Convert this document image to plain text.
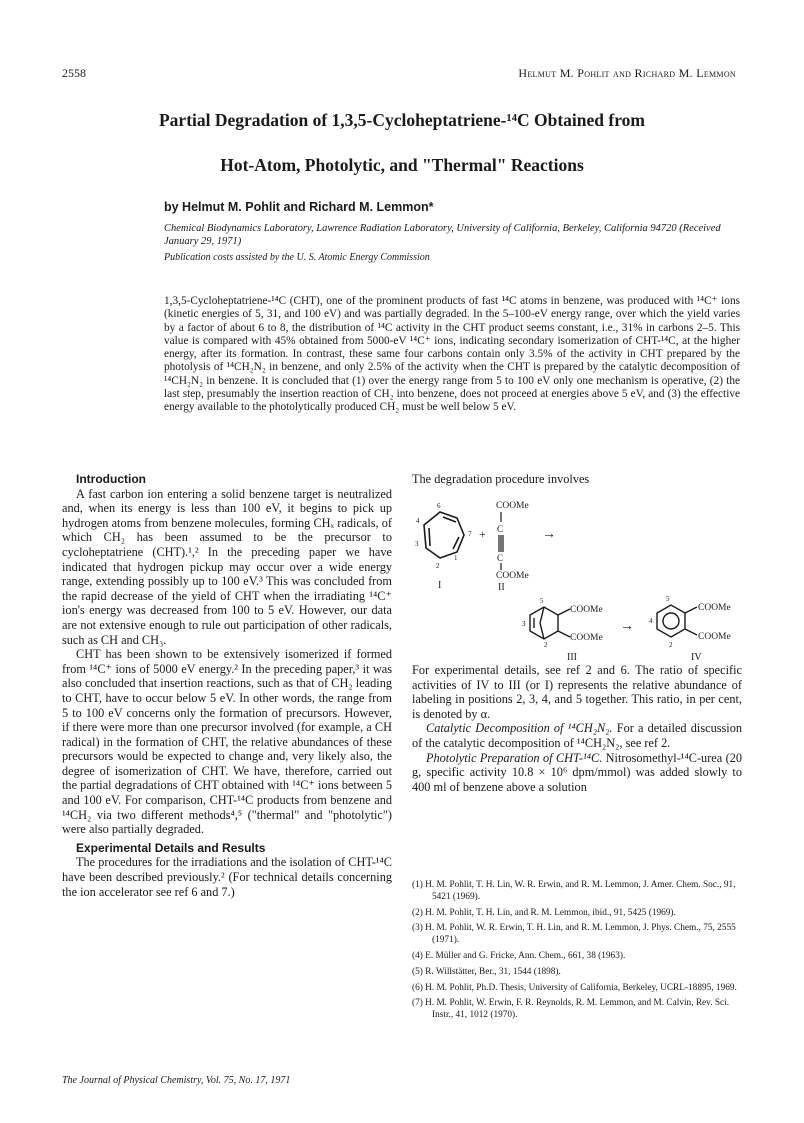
2558	Helmut M. Pohlit and Richard M. Lemmon
Partial Degradation of 1,3,5-Cycloheptatriene-¹⁴C Obtained from
Hot-Atom, Photolytic, and "Thermal" Reactions
by Helmut M. Pohlit and Richard M. Lemmon*
Chemical Biodynamics Laboratory, Lawrence Radiation Laboratory, University of California, Berkeley, California 94720 (Received January 29, 1971)
Publication costs assisted by the U. S. Atomic Energy Commission

1,3,5-Cycloheptatriene-¹⁴C (CHT), one of the prominent products of fast ¹⁴C atoms in benzene, was produced with ¹⁴C⁺ ions (kinetic energies of 5, 31, and 100 eV) and was partially degraded. In the 5–100-eV energy range, over which the yield varies by a factor of about 6 to 8, the distribution of ¹⁴C activity in the CHT product seems constant, i.e., 31% in carbons 2–5. This value is compared with 45% obtained from 5000-eV ¹⁴C⁺ ions, indicating secondary isomerization of CHT-¹⁴C, at the higher energy, after its formation. In contrast, these same four carbons contain only 3.5% of the activity in CHT prepared by the photolysis of ¹⁴CH₂N₂ in benzene, and only 2.5% of the activity when the CHT is prepared by the catalytic decomposition of ¹⁴CH₂N₂ in benzene. It is concluded that (1) over the energy range from 5 to 100 eV only one mechanism is operative, (2) the last step, presumably the insertion reaction of CH₂ into benzene, does not proceed at energies above 5 eV, and (3) the effective energy available to the photolytically produced CH₂ must be well below 5 eV.

Introduction

A fast carbon ion entering a solid benzene target is neutralized and, when its energy is less than 100 eV, it begins to pick up hydrogen atoms from benzene molecules, forming CHₓ radicals, of which CH₂ has been assumed to be the precursor to cycloheptatriene (CHT).¹,² In the preceding paper we have indicated that hydrogen pickup may occur over a wide energy range, extending possibly up to 100 eV.³ This was concluded from the rapid decrease of the yield of CHT when the irradiating ¹⁴C⁺ ion's energy was decreased from 100 to 5 eV. However, our data are not extensive enough to rule out participation of other radicals, such as CH and CH₃.

CHT has been shown to be extensively isomerized if formed from ¹⁴C⁺ ions of 5000 eV energy.² In the preceding paper,³ it was also concluded that insertion reactions, such as that of CH₂ leading to CHT, have to occur below 5 eV. In other words, the range from 5 to 100 eV concerns only the formation of precursors. However, if there were more than one precursor involved (for example, a CH radical) in the formation of CHT, the relative abundances of these precursors would be expected to change and, very likely also, the degree of isomerization of CHT. We have, therefore, carried out the partial degradations of CHT obtained with ¹⁴C⁺ ions between 5 and 100 eV. For comparison, CHT-¹⁴C products from benzene and ¹⁴CH₂ via two different methods⁴,⁵ ("thermal" and "photolytic") were also partially degraded.

Experimental Details and Results

The procedures for the irradiations and the isolation of CHT-¹⁴C have been described previously.² (For technical details concerning the ion accelerator see ref 6 and 7.)

The degradation procedure involves
6
7
4
3
1
2
I
+
COOMe
C
C
COOMe
II
→
COOMe
COOMe
5
3
2
III
→
COOMe
COOMe
5
4
2
IV

For experimental details, see ref 2 and 6. The ratio of specific activities of IV to III (or I) represents the relative abundance of labeling in positions 2, 3, 4, and 5 together. This ratio, in per cent, is denoted by α.

Catalytic Decomposition of ¹⁴CH₂N₂. For a detailed discussion of the catalytic decomposition of ¹⁴CH₂N₂, see ref 2.

Photolytic Preparation of CHT-¹⁴C. Nitrosomethyl-¹⁴C-urea (20 g, specific activity 10.8 × 10⁶ dpm/mmol) was added slowly to 400 ml of benzene above a solution

(1) H. M. Pohlit, T. H. Lin, W. R. Erwin, and R. M. Lemmon, J. Amer. Chem. Soc., 91, 5421 (1969).
(2) H. M. Pohlit, T. H. Lin, and R. M. Lemmon, ibid., 91, 5425 (1969).
(3) H. M. Pohlit, W. R. Erwin, T. H. Lin, and R. M. Lemmon, J. Phys. Chem., 75, 2555 (1971).
(4) E. Müller and G. Fricke, Ann. Chem., 661, 38 (1963).
(5) R. Willstätter, Ber., 31, 1544 (1898).
(6) H. M. Pohlit, Ph.D. Thesis, University of California, Berkeley, UCRL-18895, 1969.
(7) H. M. Pohlit, W. Erwin, F. R. Reynolds, R. M. Lemmon, and M. Calvin, Rev. Sci. Instr., 41, 1012 (1970).
The Journal of Physical Chemistry, Vol. 75, No. 17, 1971
